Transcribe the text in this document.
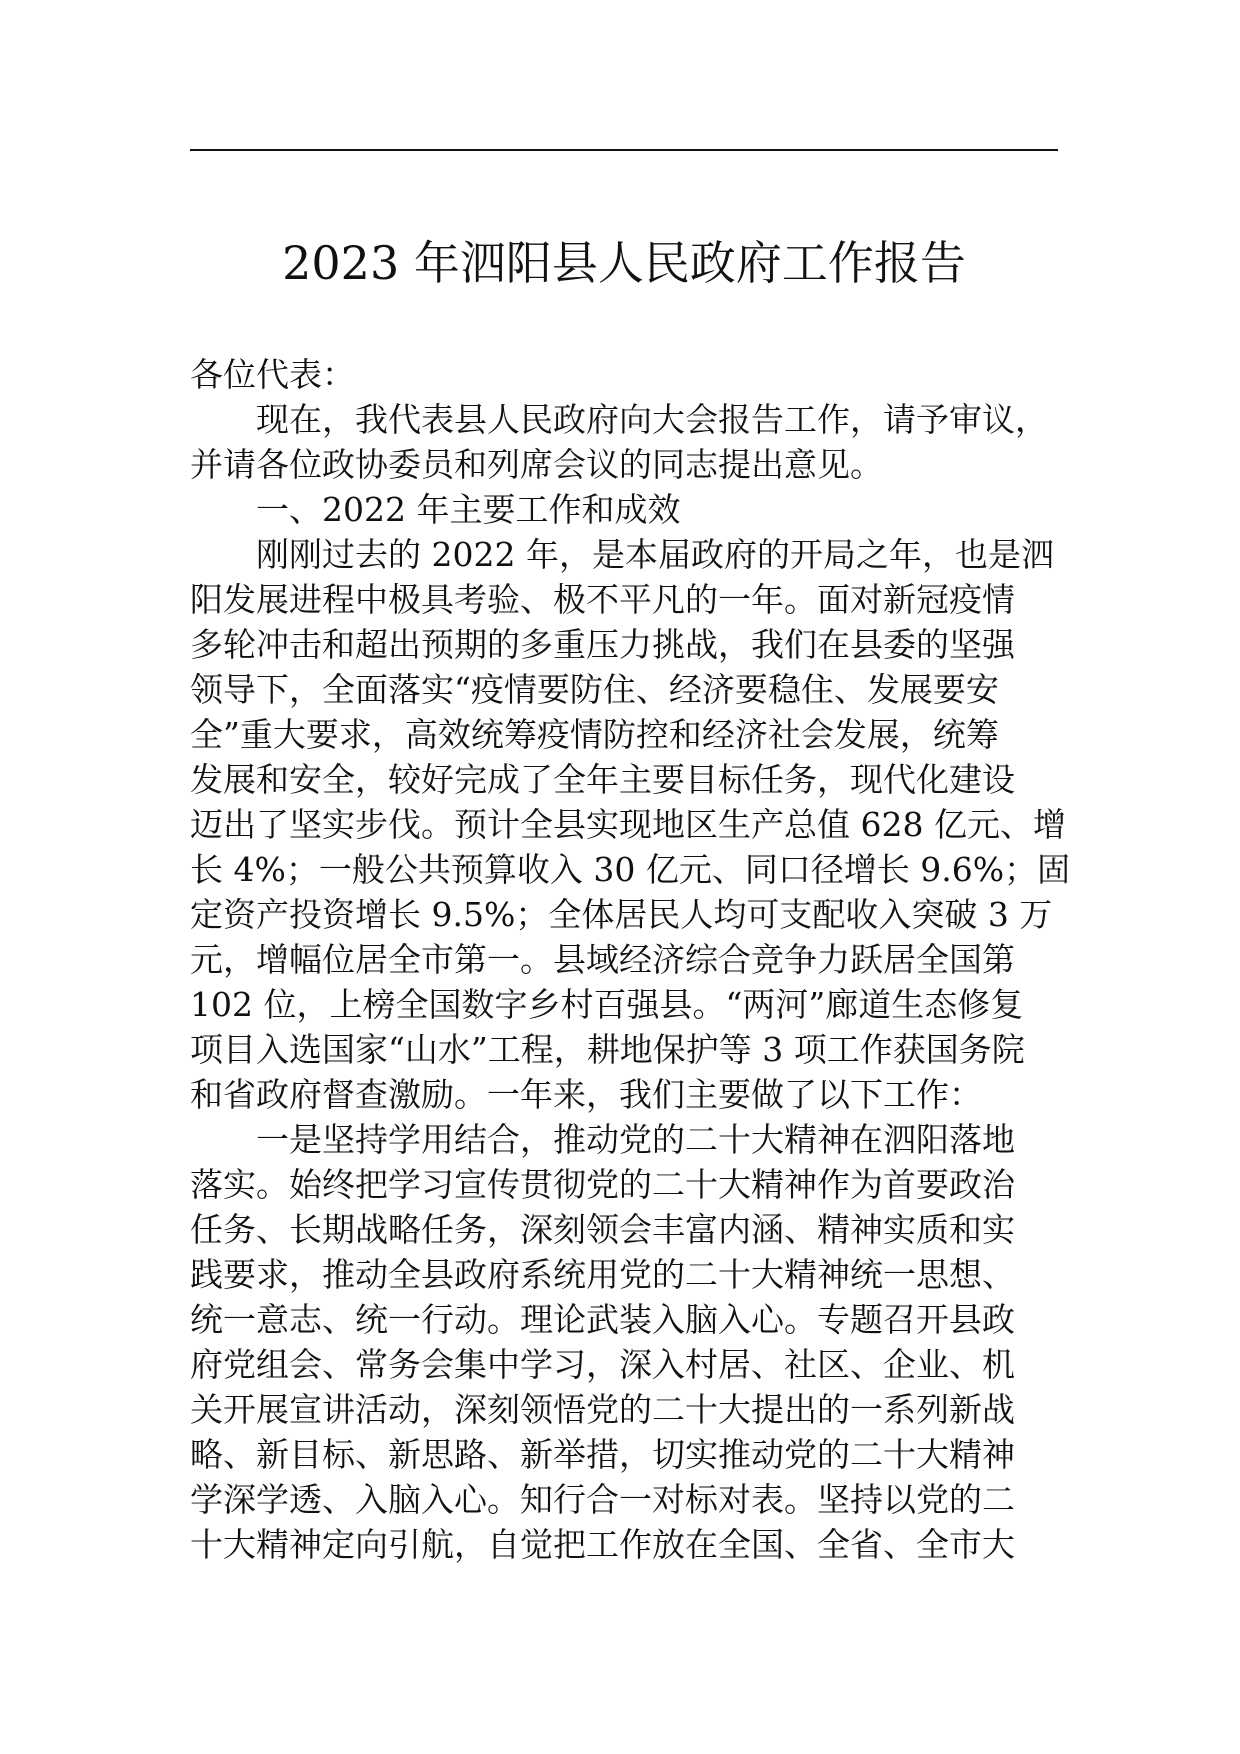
2023 年泗阳县人民政府工作报告
各位代表：
现在，我代表县人民政府向大会报告工作，请予审议，
并请各位政协委员和列席会议的同志提出意见。
一、2022 年主要工作和成效
刚刚过去的 2022 年，是本届政府的开局之年，也是泗
阳发展进程中极具考验、极不平凡的一年。面对新冠疫情
多轮冲击和超出预期的多重压力挑战，我们在县委的坚强
领导下，全面落实“疫情要防住、经济要稳住、发展要安
全”重大要求，高效统筹疫情防控和经济社会发展，统筹
发展和安全，较好完成了全年主要目标任务，现代化建设
迈出了坚实步伐。预计全县实现地区生产总值 628 亿元、增
长 4%；一般公共预算收入 30 亿元、同口径增长 9.6%；固
定资产投资增长 9.5%；全体居民人均可支配收入突破 3 万
元，增幅位居全市第一。县域经济综合竞争力跃居全国第
102 位，上榜全国数字乡村百强县。“两河”廊道生态修复
项目入选国家“山水”工程，耕地保护等 3 项工作获国务院
和省政府督查激励。一年来，我们主要做了以下工作：
一是坚持学用结合，推动党的二十大精神在泗阳落地
落实。始终把学习宣传贯彻党的二十大精神作为首要政治
任务、长期战略任务，深刻领会丰富内涵、精神实质和实
践要求，推动全县政府系统用党的二十大精神统一思想、
统一意志、统一行动。理论武装入脑入心。专题召开县政
府党组会、常务会集中学习，深入村居、社区、企业、机
关开展宣讲活动，深刻领悟党的二十大提出的一系列新战
略、新目标、新思路、新举措，切实推动党的二十大精神
学深学透、入脑入心。知行合一对标对表。坚持以党的二
十大精神定向引航，自觉把工作放在全国、全省、全市大
